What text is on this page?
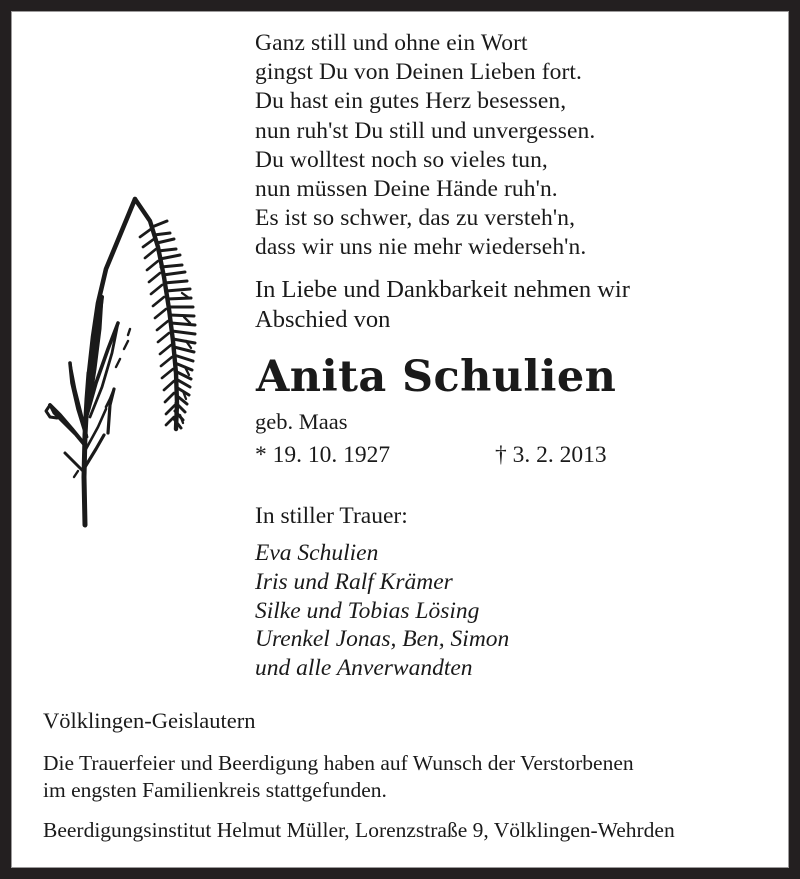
Ganz still und ohne ein Wort
gingst Du von Deinen Lieben fort.
Du hast ein gutes Herz besessen,
nun ruh'st Du still und unvergessen.
Du wolltest noch so vieles tun,
nun müssen Deine Hände ruh'n.
Es ist so schwer, das zu versteh'n,
dass wir uns nie mehr wiederseh'n.
In Liebe und Dankbarkeit nehmen wir
Abschied von
Anita Schulien
geb. Maas
* 19. 10. 1927	† 3. 2. 2013
In stiller Trauer:
Eva Schulien
Iris und Ralf Krämer
Silke und Tobias Lösing
Urenkel Jonas, Ben, Simon
und alle Anverwandten
Völklingen-Geislautern
Die Trauerfeier und Beerdigung haben auf Wunsch der Verstorbenen
im engsten Familienkreis stattgefunden.
Beerdigungsinstitut Helmut Müller, Lorenzstraße 9, Völklingen-Wehrden
